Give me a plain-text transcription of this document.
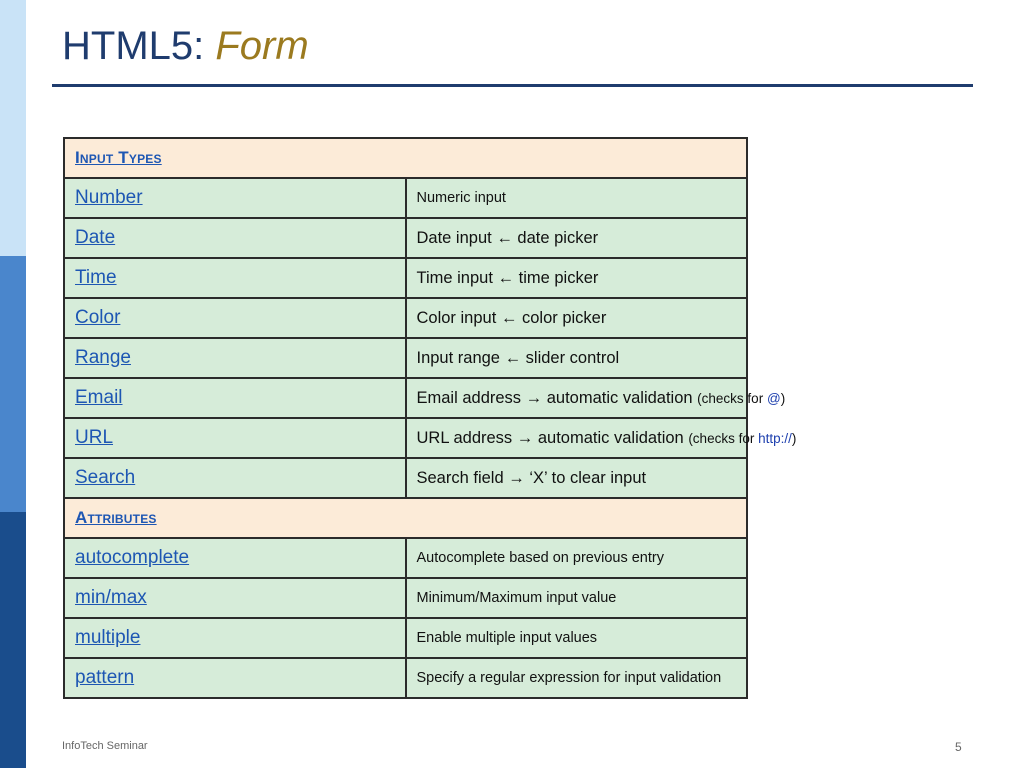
HTML5: Form
Input Types	
Number	Numeric input
Date	Date input ← date picker
Time	Time input ← time picker
Color	Color input ← color picker
Range	Input range ← slider control
Email	Email address → automatic validation (checks for @)
URL	URL address → automatic validation (checks for http://)
Search	Search field → ‘X’ to clear input
Attributes	
autocomplete	Autocomplete based on previous entry
min/max	Minimum/Maximum input value
multiple	Enable multiple input values
pattern	Specify a regular expression for input validation
InfoTech Seminar	5
